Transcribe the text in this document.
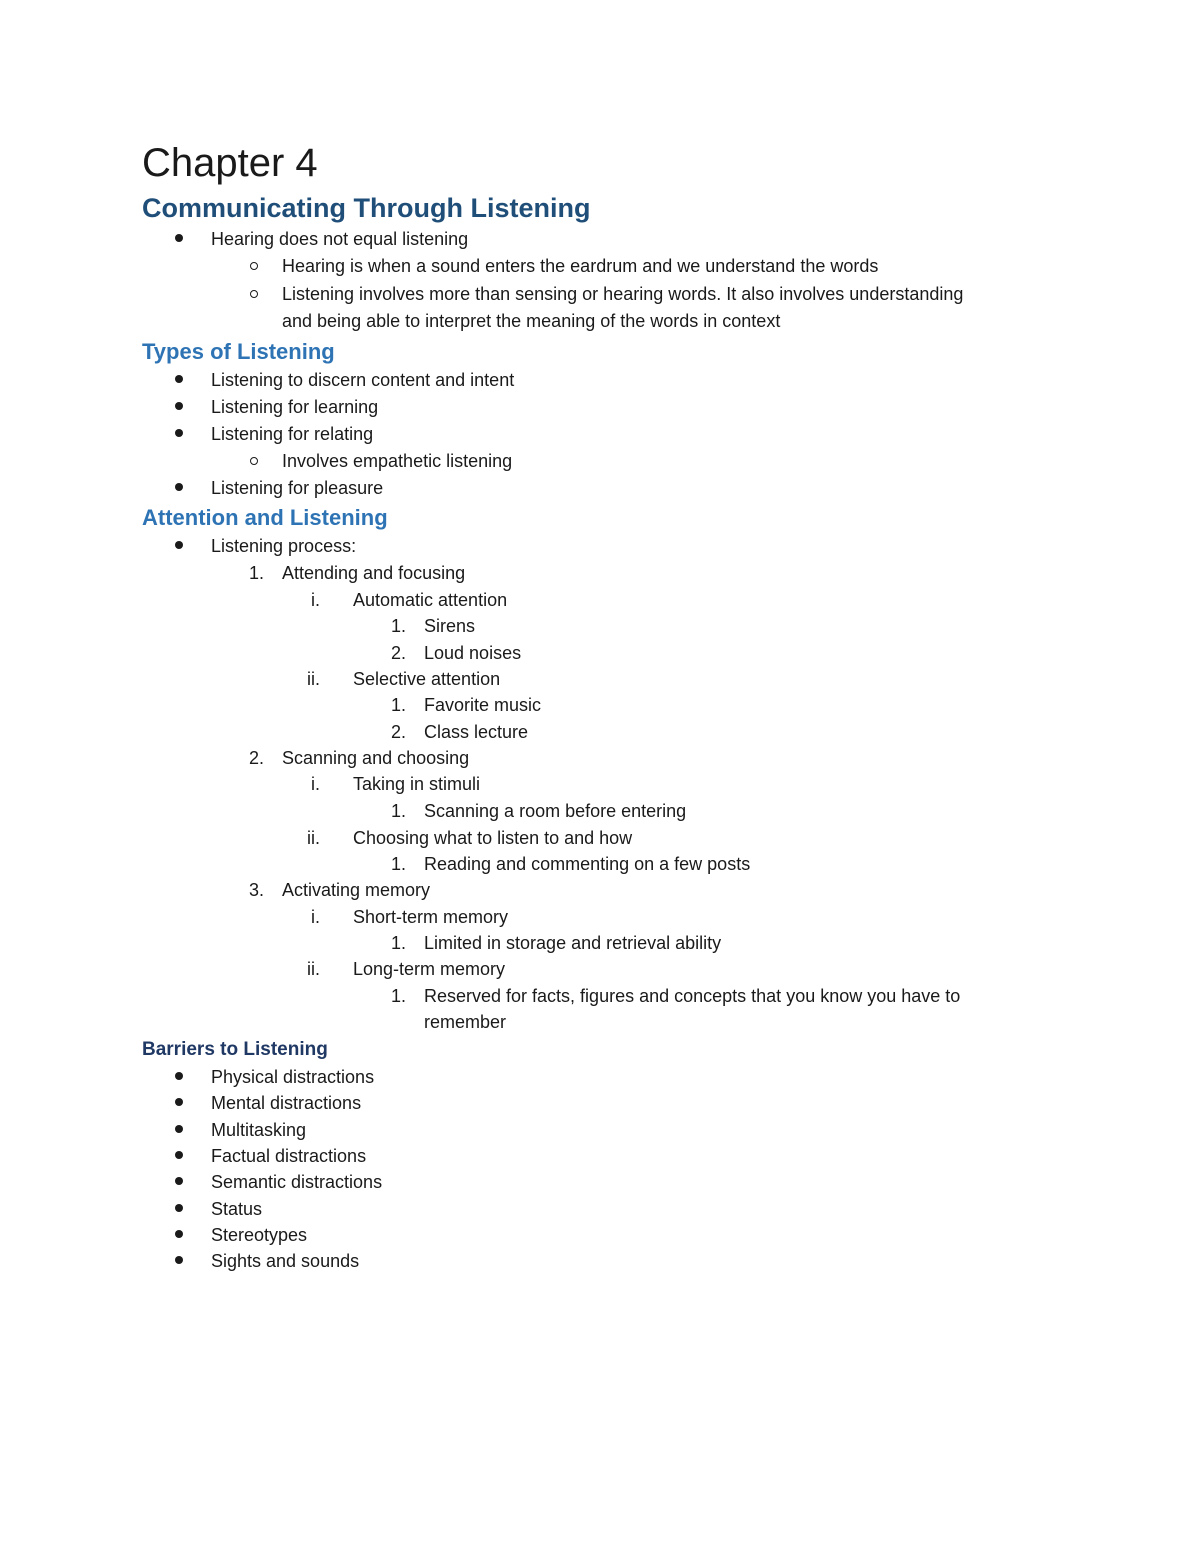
Chapter 4
Communicating Through Listening
Hearing does not equal listening
Hearing is when a sound enters the eardrum and we understand the words
Listening involves more than sensing or hearing words. It also involves understanding
and being able to interpret the meaning of the words in context
Types of Listening
Listening to discern content and intent
Listening for learning
Listening for relating
Involves empathetic listening
Listening for pleasure
Attention and Listening
Listening process:
1. Attending and focusing
i. Automatic attention
1. Sirens
2. Loud noises
ii. Selective attention
1. Favorite music
2. Class lecture
2. Scanning and choosing
i. Taking in stimuli
1. Scanning a room before entering
ii. Choosing what to listen to and how
1. Reading and commenting on a few posts
3. Activating memory
i. Short-term memory
1. Limited in storage and retrieval ability
ii. Long-term memory
1. Reserved for facts, figures and concepts that you know you have to
remember
Barriers to Listening
Physical distractions
Mental distractions
Multitasking
Factual distractions
Semantic distractions
Status
Stereotypes
Sights and sounds
